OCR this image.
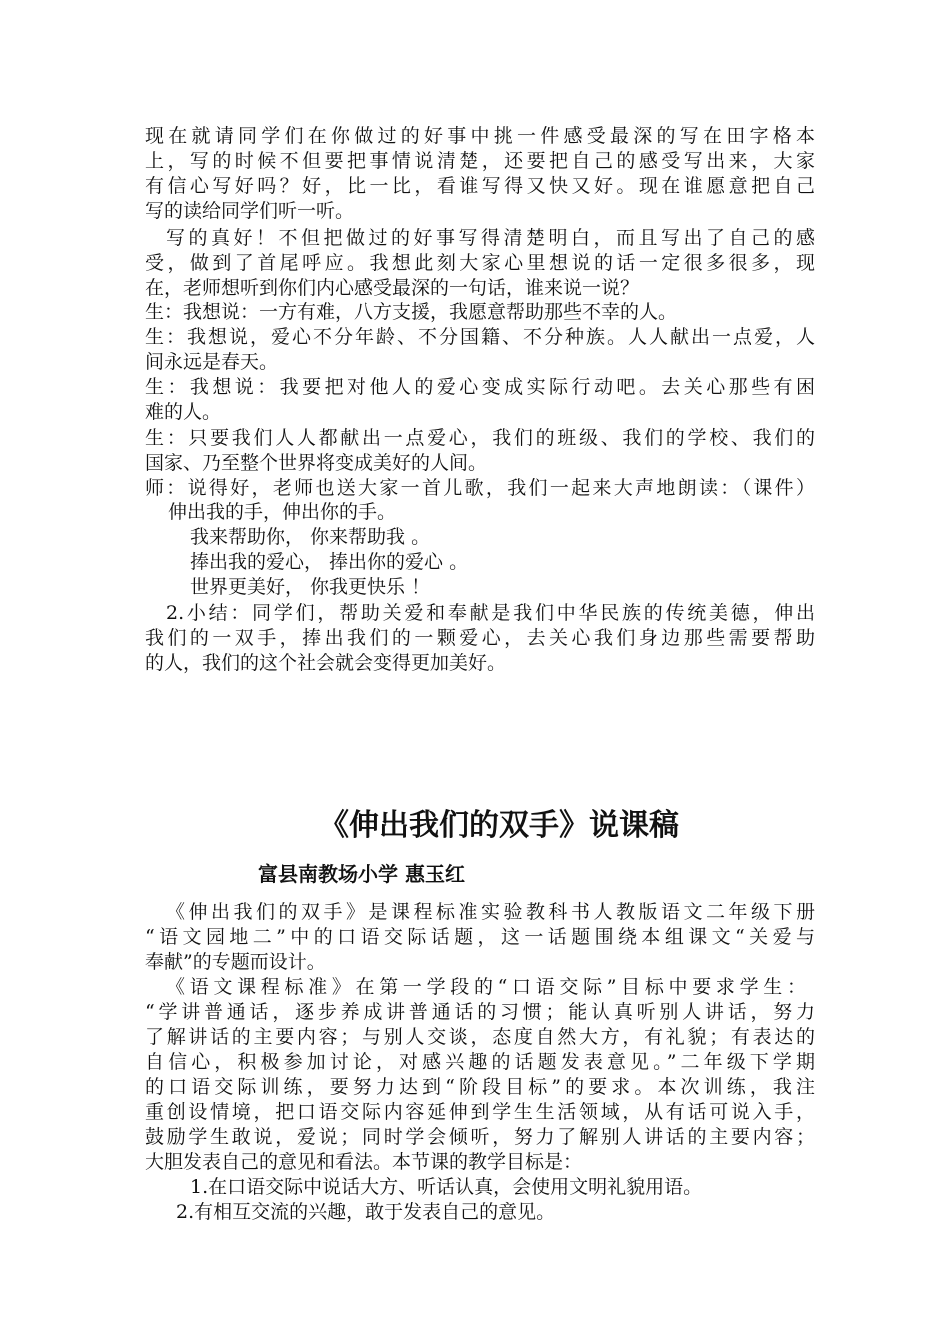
现在就请同学们在你做过的好事中挑一件感受最深的写在田字格本
上，写的时候不但要把事情说清楚，还要把自己的感受写出来，大家
有信心写好吗？好，比一比，看谁写得又快又好。现在谁愿意把自己
写的读给同学们听一听。
写的真好！不但把做过的好事写得清楚明白，而且写出了自己的感
受，做到了首尾呼应。我想此刻大家心里想说的话一定很多很多，现
在，老师想听到你们内心感受最深的一句话，谁来说一说？
生：我想说：一方有难，八方支援，我愿意帮助那些不幸的人。
生：我想说，爱心不分年龄、不分国籍、不分种族。人人献出一点爱，人
间永远是春天。
生：我想说：我要把对他人的爱心变成实际行动吧。去关心那些有困
难的人。
生：只要我们人人都献出一点爱心，我们的班级、我们的学校、我们的
国家、乃至整个世界将变成美好的人间。
师：说得好，老师也送大家一首儿歌，我们一起来大声地朗读：（课件）
伸出我的手，伸出你的手。
我来帮助你， 你来帮助我 。
捧出我的爱心， 捧出你的爱心 。
世界更美好， 你我更快乐 ！
2.小结：同学们，帮助关爱和奉献是我们中华民族的传统美德，伸出
我们的一双手，捧出我们的一颗爱心，去关心我们身边那些需要帮助
的人，我们的这个社会就会变得更加美好。
《伸出我们的双手》说课稿
富县南教场小学 惠玉红
《伸出我们的双手》是课程标准实验教科书人教版语文二年级下册
“语文园地二”中的口语交际话题，这一话题围绕本组课文“关爱与
奉献”的专题而设计。
《语文课程标准》在第一学段的“口语交际”目标中要求学生：
“学讲普通话，逐步养成讲普通话的习惯；能认真听别人讲话，努力
了解讲话的主要内容；与别人交谈，态度自然大方，有礼貌；有表达的
自信心，积极参加讨论，对感兴趣的话题发表意见。”二年级下学期
的口语交际训练，要努力达到“阶段目标”的要求。本次训练，我注
重创设情境，把口语交际内容延伸到学生生活领域，从有话可说入手，
鼓励学生敢说，爱说；同时学会倾听，努力了解别人讲话的主要内容；
大胆发表自己的意见和看法。本节课的教学目标是：
1.在口语交际中说话大方、听话认真，会使用文明礼貌用语。
2.有相互交流的兴趣，敢于发表自己的意见。
